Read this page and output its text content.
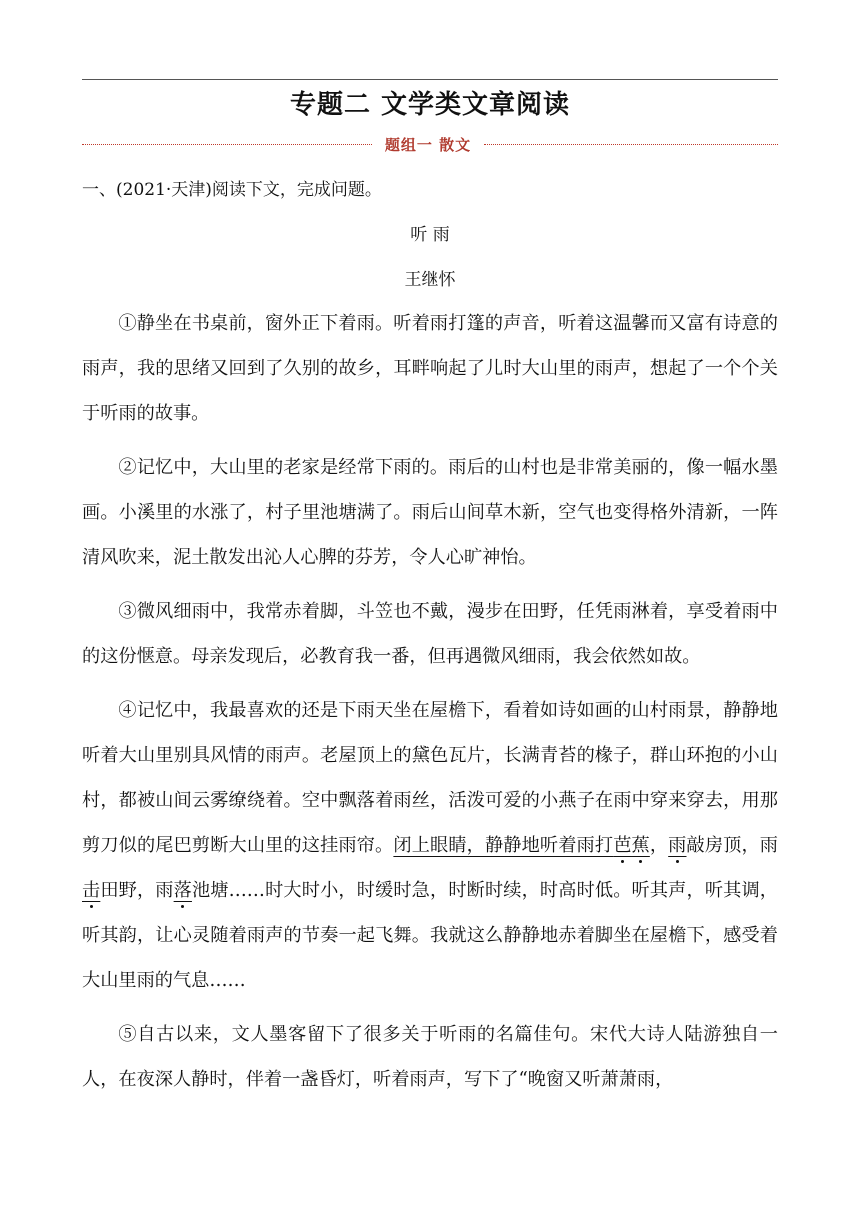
专题二 文学类文章阅读
题组一 散文
一、(2021·天津)阅读下文，完成问题。
听 雨
王继怀

①静坐在书桌前，窗外正下着雨。听着雨打篷的声音，听着这温馨而又富有诗意的雨声，我的思绪又回到了久别的故乡，耳畔响起了儿时大山里的雨声，想起了一个个关于听雨的故事。

②记忆中，大山里的老家是经常下雨的。雨后的山村也是非常美丽的，像一幅水墨画。小溪里的水涨了，村子里池塘满了。雨后山间草木新，空气也变得格外清新，一阵清风吹来，泥土散发出沁人心脾的芬芳，令人心旷神怡。

③微风细雨中，我常赤着脚，斗笠也不戴，漫步在田野，任凭雨淋着，享受着雨中的这份惬意。母亲发现后，必教育我一番，但再遇微风细雨，我会依然如故。

④记忆中，我最喜欢的还是下雨天坐在屋檐下，看着如诗如画的山村雨景，静静地听着大山里别具风情的雨声。老屋顶上的黛色瓦片，长满青苔的椽子，群山环抱的小山村，都被山间云雾缭绕着。空中飘落着雨丝，活泼可爱的小燕子在雨中穿来穿去，用那剪刀似的尾巴剪断大山里的这挂雨帘。闭上眼睛，静静地听着雨打芭蕉，雨敲房顶，雨击田野，雨落池塘……时大时小，时缓时急，时断时续，时高时低。听其声，听其调，听其韵，让心灵随着雨声的节奏一起飞舞。我就这么静静地赤着脚坐在屋檐下，感受着大山里雨的气息……

⑤自古以来，文人墨客留下了很多关于听雨的名篇佳句。宋代大诗人陆游独自一人，在夜深人静时，伴着一盏昏灯，听着雨声，写下了“晚窗又听萧萧雨，
